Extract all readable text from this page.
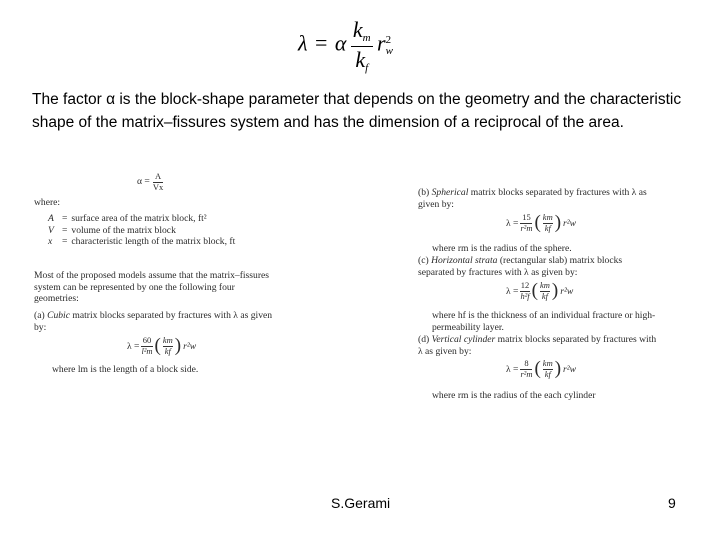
λ = α $\frac{k_m}{k_f}$ r 2
w
The factor α is the block-shape parameter that depends on the geometry and the characteristic shape of the matrix–fissures system and has the dimension of a reciprocal of the area.
$\alpha = \frac{A}{Vx}$
where:
A = surface area of the matrix block, ft²
V = volume of the matrix block
x	= characteristic length of the matrix block, ft
Most of the proposed models assume that the matrix–fissures system can be represented by one the following four geometries:
(a) Cubic matrix blocks separated by fractures with λ as given by:
$\lambda = \frac{60}{\text{l²m}}$ ( $\frac{km}{kf}$ ) r²w
where lm is the length of a block side.
(b) Spherical matrix blocks separated by fractures with λ as given by:
$\lambda = \frac{15}{\text{r²m}}$ ( $\frac{km}{kf}$ ) r²w
where rm is the radius of the sphere.
(c) Horizontal strata (rectangular slab) matrix blocks separated by fractures with λ as given by:
$\lambda = \frac{12}{\text{h²f}}$ ( $\frac{km}{kf}$ ) r²w
where hf is the thickness of an individual fracture or high-permeability layer.
(d) Vertical cylinder matrix blocks separated by fractures with λ as given by:
$\lambda = \frac{8}{\text{r²m}}$ ( $\frac{km}{kf}$ ) r²w
where rm is the radius of the each cylinder
S.Gerami	9
